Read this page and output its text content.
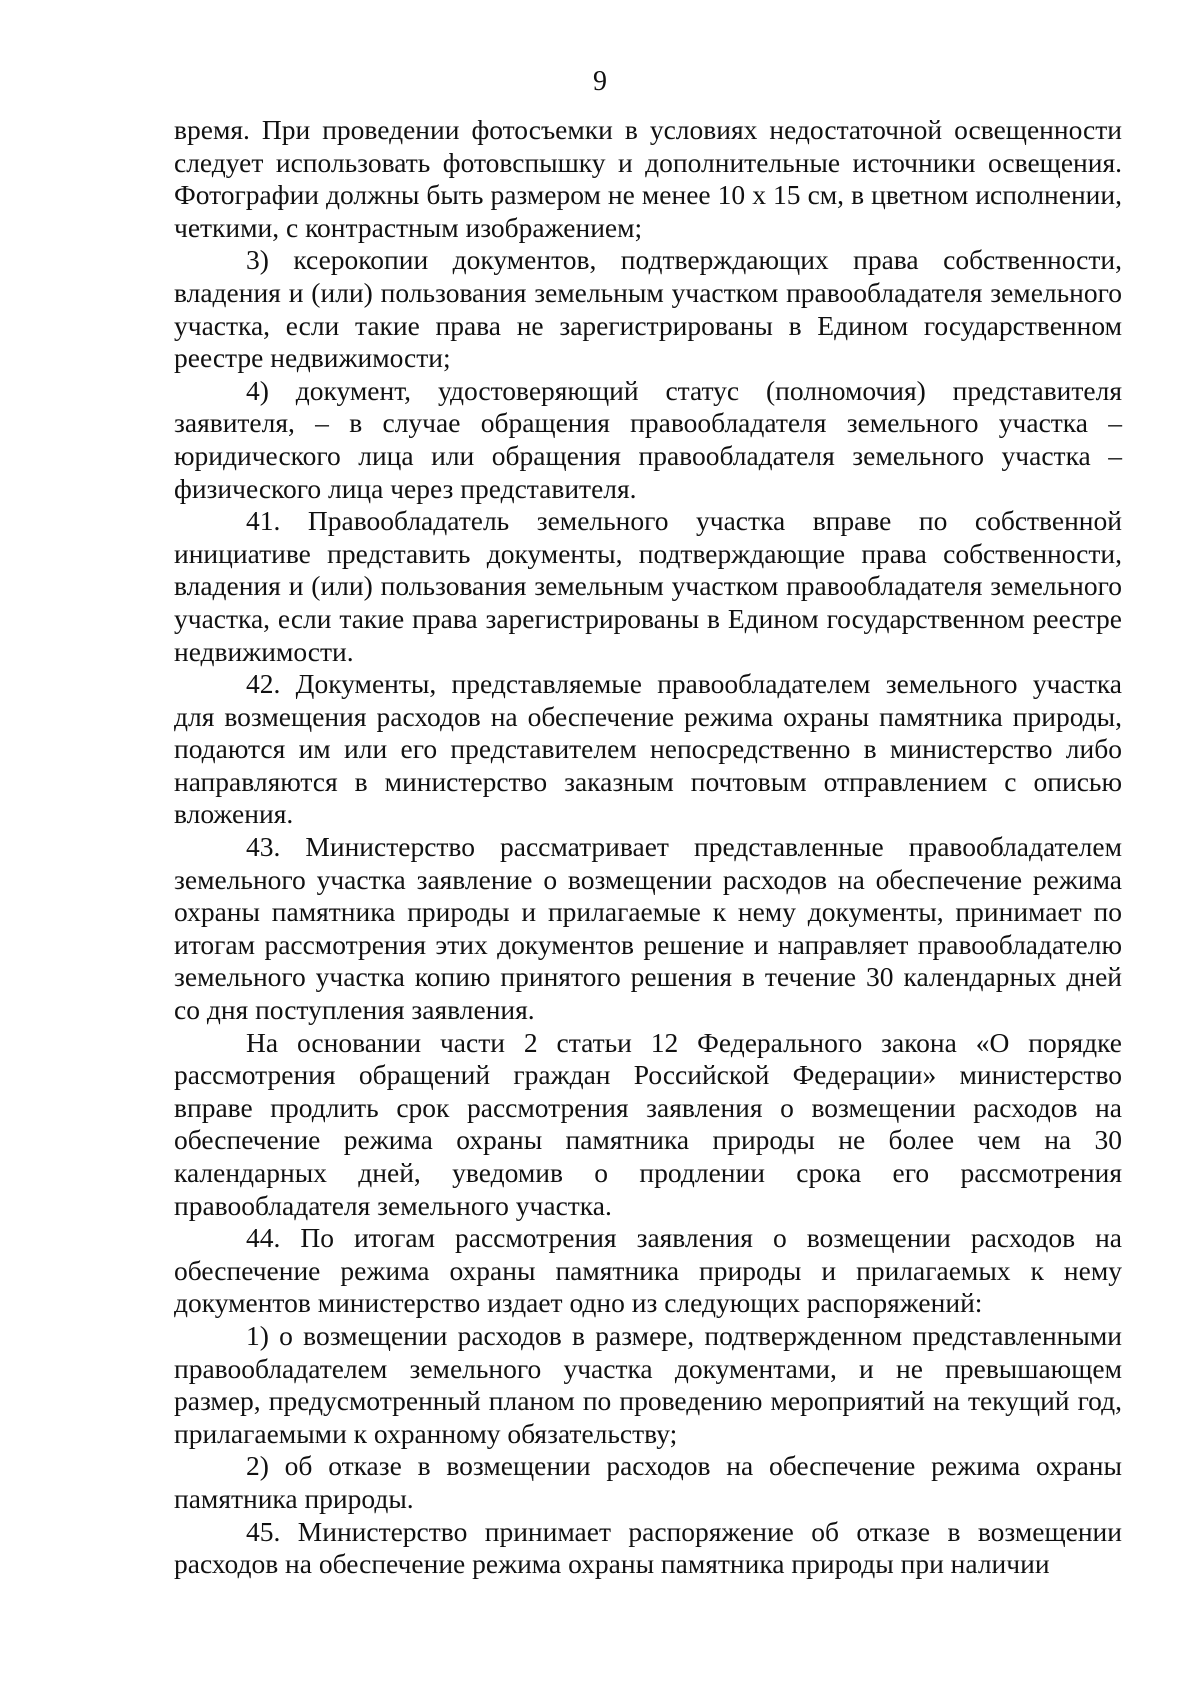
9

время. При проведении фотосъемки в условиях недостаточной освещенности следует использовать фотовспышку и дополнительные источники освещения. Фотографии должны быть размером не менее 10 x 15 см, в цветном исполнении, четкими, с контрастным изображением;

3) ксерокопии документов, подтверждающих права собственности, владения и (или) пользования земельным участком правообладателя земельного участка, если такие права не зарегистрированы в Едином государственном реестре недвижимости;

4) документ, удостоверяющий статус (полномочия) представителя заявителя, – в случае обращения правообладателя земельного участка – юридического лица или обращения правообладателя земельного участка – физического лица через представителя.

41. Правообладатель земельного участка вправе по собственной инициативе представить документы, подтверждающие права собственности, владения и (или) пользования земельным участком правообладателя земельного участка, если такие права зарегистрированы в Едином государственном реестре недвижимости.

42. Документы, представляемые правообладателем земельного участка для возмещения расходов на обеспечение режима охраны памятника природы, подаются им или его представителем непосредственно в министерство либо направляются в министерство заказным почтовым отправлением с описью вложения.

43. Министерство рассматривает представленные правообладателем земельного участка заявление о возмещении расходов на обеспечение режима охраны памятника природы и прилагаемые к нему документы, принимает по итогам рассмотрения этих документов решение и направляет правообладателю земельного участка копию принятого решения в течение 30 календарных дней со дня поступления заявления.

На основании части 2 статьи 12 Федерального закона «О порядке рассмотрения обращений граждан Российской Федерации» министерство вправе продлить срок рассмотрения заявления о возмещении расходов на обеспечение режима охраны памятника природы не более чем на 30 календарных дней, уведомив о продлении срока его рассмотрения правообладателя земельного участка.

44. По итогам рассмотрения заявления о возмещении расходов на обеспечение режима охраны памятника природы и прилагаемых к нему документов министерство издает одно из следующих распоряжений:

1) о возмещении расходов в размере, подтвержденном представленными правообладателем земельного участка документами, и не превышающем размер, предусмотренный планом по проведению мероприятий на текущий год, прилагаемыми к охранному обязательству;

2) об отказе в возмещении расходов на обеспечение режима охраны памятника природы.

45. Министерство принимает распоряжение об отказе в возмещении расходов на обеспечение режима охраны памятника природы при наличии
